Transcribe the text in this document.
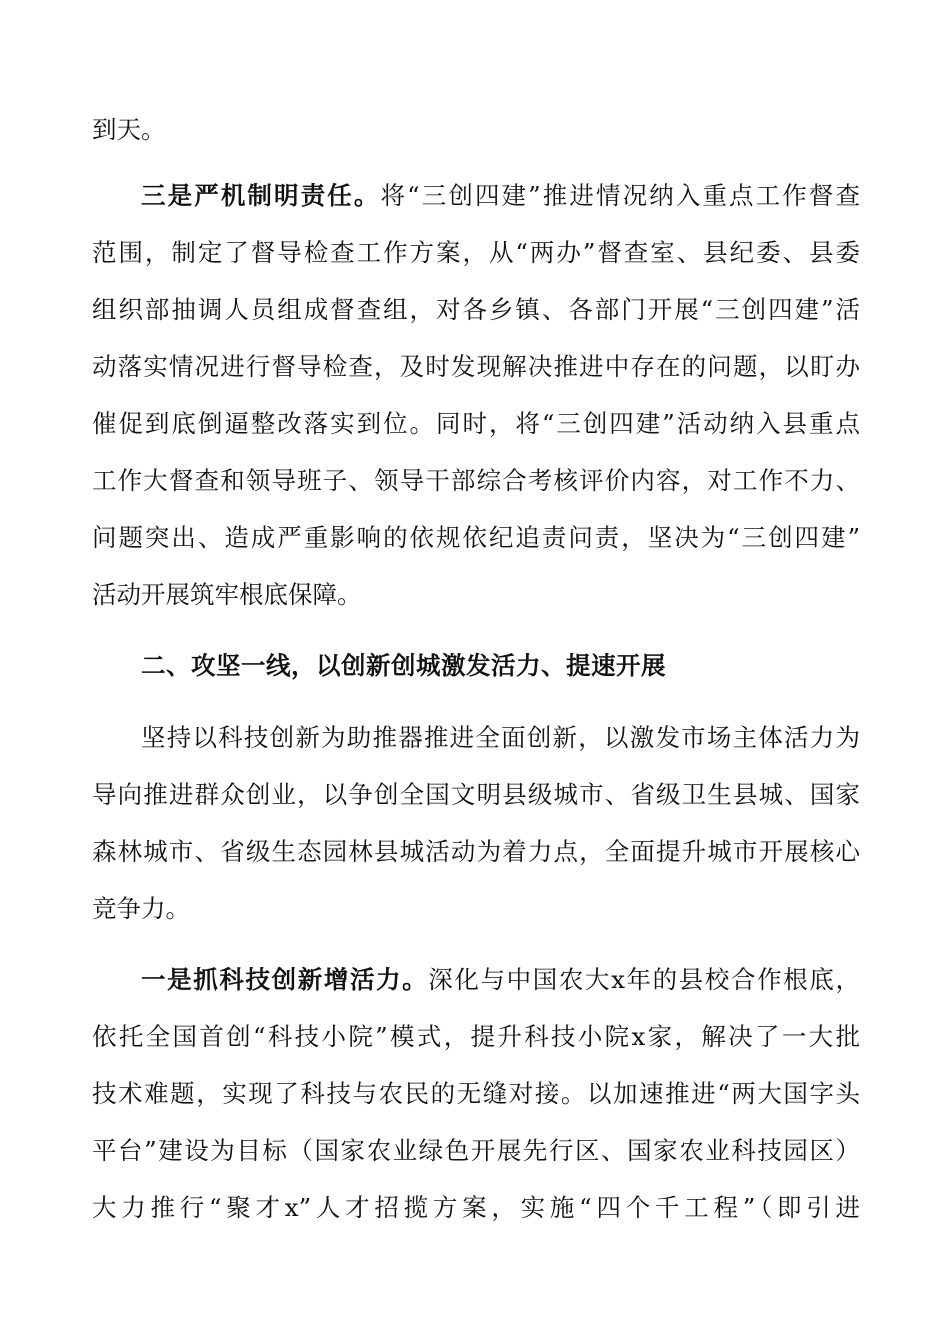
到天。
三是严机制明责任。将“三创四建”推进情况纳入重点工作督查
范围，制定了督导检查工作方案，从“两办”督查室、县纪委、县委
组织部抽调人员组成督查组，对各乡镇、各部门开展“三创四建”活
动落实情况进行督导检查，及时发现解决推进中存在的问题，以盯办
催促到底倒逼整改落实到位。同时，将“三创四建”活动纳入县重点
工作大督查和领导班子、领导干部综合考核评价内容，对工作不力、
问题突出、造成严重影响的依规依纪追责问责，坚决为“三创四建”
活动开展筑牢根底保障。
二、攻坚一线，以创新创城激发活力、提速开展
坚持以科技创新为助推器推进全面创新，以激发市场主体活力为
导向推进群众创业，以争创全国文明县级城市、省级卫生县城、国家
森林城市、省级生态园林县城活动为着力点，全面提升城市开展核心
竞争力。
一是抓科技创新增活力。深化与中国农大x年的县校合作根底，
依托全国首创“科技小院”模式，提升科技小院x家，解决了一大批
技术难题，实现了科技与农民的无缝对接。以加速推进“两大国字头
平台”建设为目标（国家农业绿色开展先行区、国家农业科技园区）
大力推行“聚才x”人才招揽方案，实施“四个千工程”（即引进
